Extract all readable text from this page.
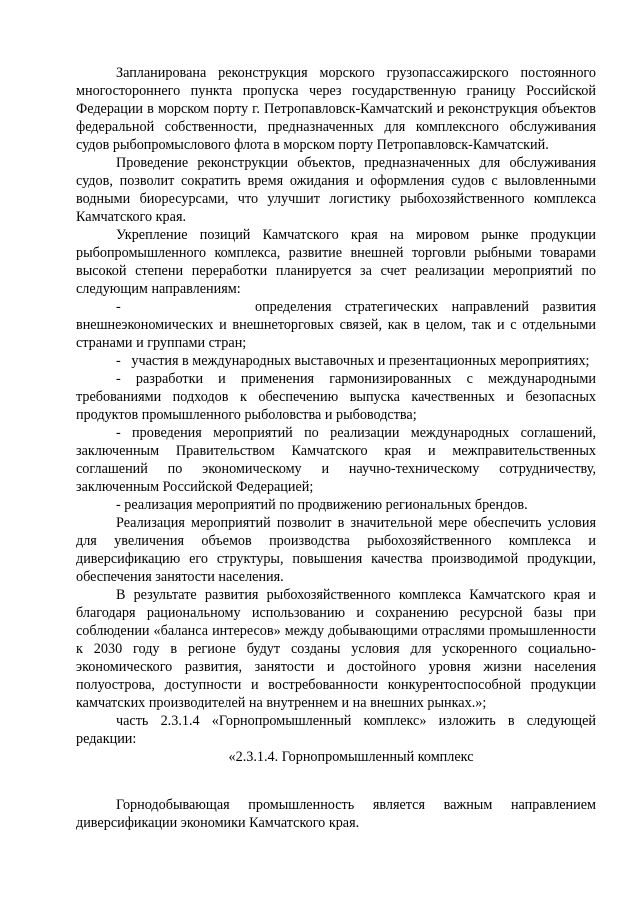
Запланирована реконструкция морского грузопассажирского постоянного многостороннего пункта пропуска через государственную границу Российской Федерации в морском порту г. Петропавловск-Камчатский и реконструкция объектов федеральной собственности, предназначенных для комплексного обслуживания судов рыбопромыслового флота в морском порту Петропавловск-Камчатский.

Проведение реконструкции объектов, предназначенных для обслуживания судов, позволит сократить время ожидания и оформления судов с выловленными водными биоресурсами, что улучшит логистику рыбохозяйственного комплекса Камчатского края.

Укрепление позиций Камчатского края на мировом рынке продукции рыбопромышленного комплекса, развитие внешней торговли рыбными товарами высокой степени переработки планируется за счет реализации мероприятий по следующим направлениям:

-          определения стратегических направлений развития внешнеэкономических и внешнеторговых связей, как в целом, так и с отдельными странами и группами стран;

-   участия в международных выставочных и презентационных мероприятиях;

- разработки и применения гармонизированных с международными требованиями подходов к обеспечению выпуска качественных и безопасных продуктов промышленного рыболовства и рыбоводства;

- проведения мероприятий по реализации международных соглашений, заключенным Правительством Камчатского края и межправительственных соглашений по экономическому и научно-техническому сотрудничеству, заключенным Российской Федерацией;

- реализация мероприятий по продвижению региональных брендов.

Реализация мероприятий позволит в значительной мере обеспечить условия для увеличения объемов производства рыбохозяйственного комплекса и диверсификацию его структуры, повышения качества производимой продукции, обеспечения занятости населения.

В результате развития рыбохозяйственного комплекса Камчатского края и благодаря рациональному использованию и сохранению ресурсной базы при соблюдении «баланса интересов» между добывающими отраслями промышленности к 2030 году в регионе будут созданы условия для ускоренного социально-экономического развития, занятости и достойного уровня жизни населения полуострова, доступности и востребованности конкурентоспособной продукции камчатских производителей на внутреннем и на внешних рынках.»;

часть 2.3.1.4 «Горнопромышленный комплекс» изложить в следующей редакции:

«2.3.1.4. Горнопромышленный комплекс

Горнодобывающая промышленность является важным направлением диверсификации экономики Камчатского края.
